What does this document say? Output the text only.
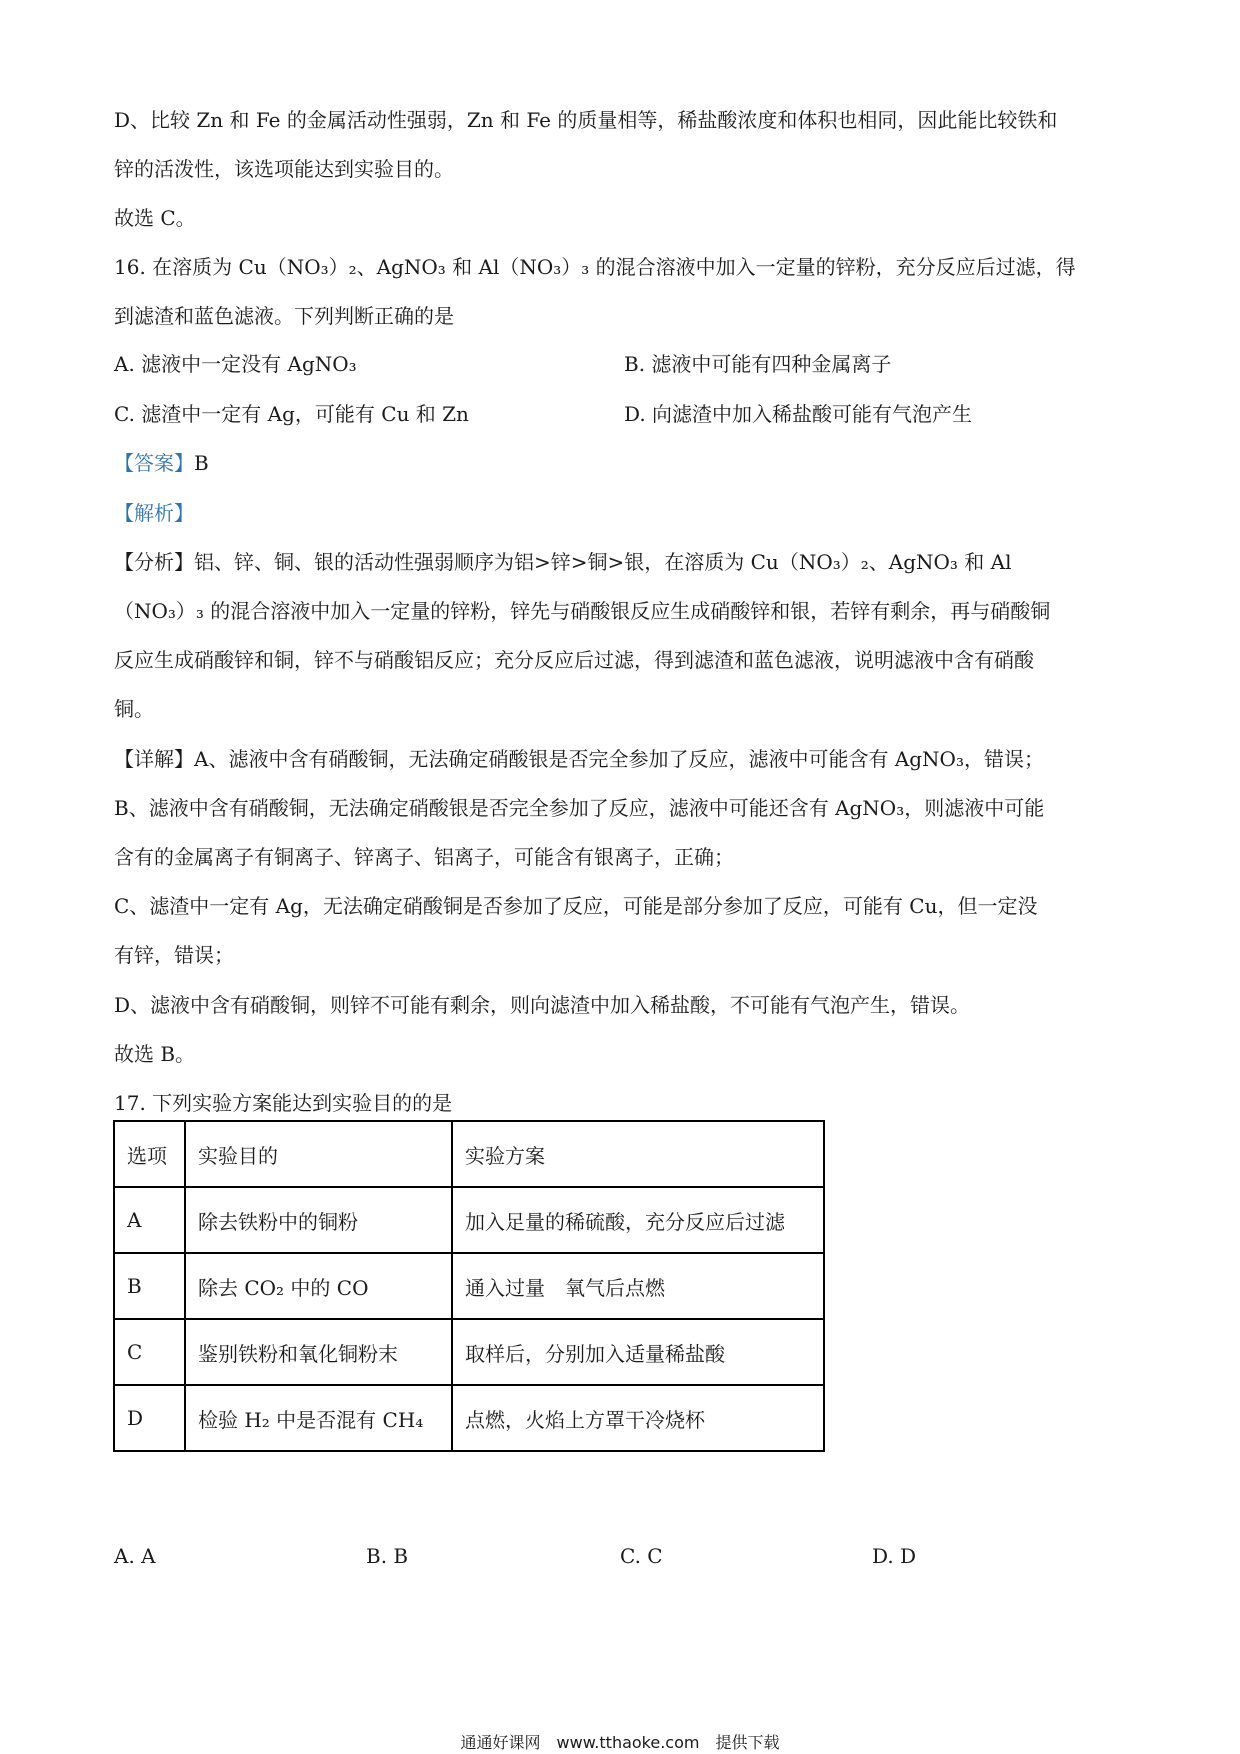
D、比较 Zn 和 Fe 的金属活动性强弱，Zn 和 Fe 的质量相等，稀盐酸浓度和体积也相同，因此能比较铁和
锌的活泼性，该选项能达到实验目的。
故选 C。
16. 在溶质为 Cu（NO₃）₂、AgNO₃ 和 Al（NO₃）₃ 的混合溶液中加入一定量的锌粉，充分反应后过滤，得
到滤渣和蓝色滤液。下列判断正确的是
A. 滤液中一定没有 AgNO₃	B. 滤液中可能有四种金属离子
C. 滤渣中一定有 Ag，可能有 Cu 和 Zn	D. 向滤渣中加入稀盐酸可能有气泡产生
【答案】B
【解析】
【分析】铝、锌、铜、银的活动性强弱顺序为铝>锌>铜>银，在溶质为 Cu（NO₃）₂、AgNO₃ 和 Al
（NO₃）₃ 的混合溶液中加入一定量的锌粉，锌先与硝酸银反应生成硝酸锌和银，若锌有剩余，再与硝酸铜
反应生成硝酸锌和铜，锌不与硝酸铝反应；充分反应后过滤，得到滤渣和蓝色滤液，说明滤液中含有硝酸
铜。
【详解】A、滤液中含有硝酸铜，无法确定硝酸银是否完全参加了反应，滤液中可能含有 AgNO₃，错误；
B、滤液中含有硝酸铜，无法确定硝酸银是否完全参加了反应，滤液中可能还含有 AgNO₃，则滤液中可能
含有的金属离子有铜离子、锌离子、铝离子，可能含有银离子，正确；
C、滤渣中一定有 Ag，无法确定硝酸铜是否参加了反应，可能是部分参加了反应，可能有 Cu，但一定没
有锌，错误；
D、滤液中含有硝酸铜，则锌不可能有剩余，则向滤渣中加入稀盐酸，不可能有气泡产生，错误。
故选 B。
17. 下列实验方案能达到实验目的的是
选项	实验目的	实验方案
A	除去铁粉中的铜粉	加入足量的稀硫酸，充分反应后过滤
B	除去 CO₂ 中的 CO	通入过量　氧气后点燃
C	鉴别铁粉和氧化铜粉末	取样后，分别加入适量稀盐酸
D	检验 H₂ 中是否混有 CH₄	点燃，火焰上方罩干冷烧杯
A. A	B. B	C. C	D. D
通通好课网　www.tthaoke.com　提供下载
